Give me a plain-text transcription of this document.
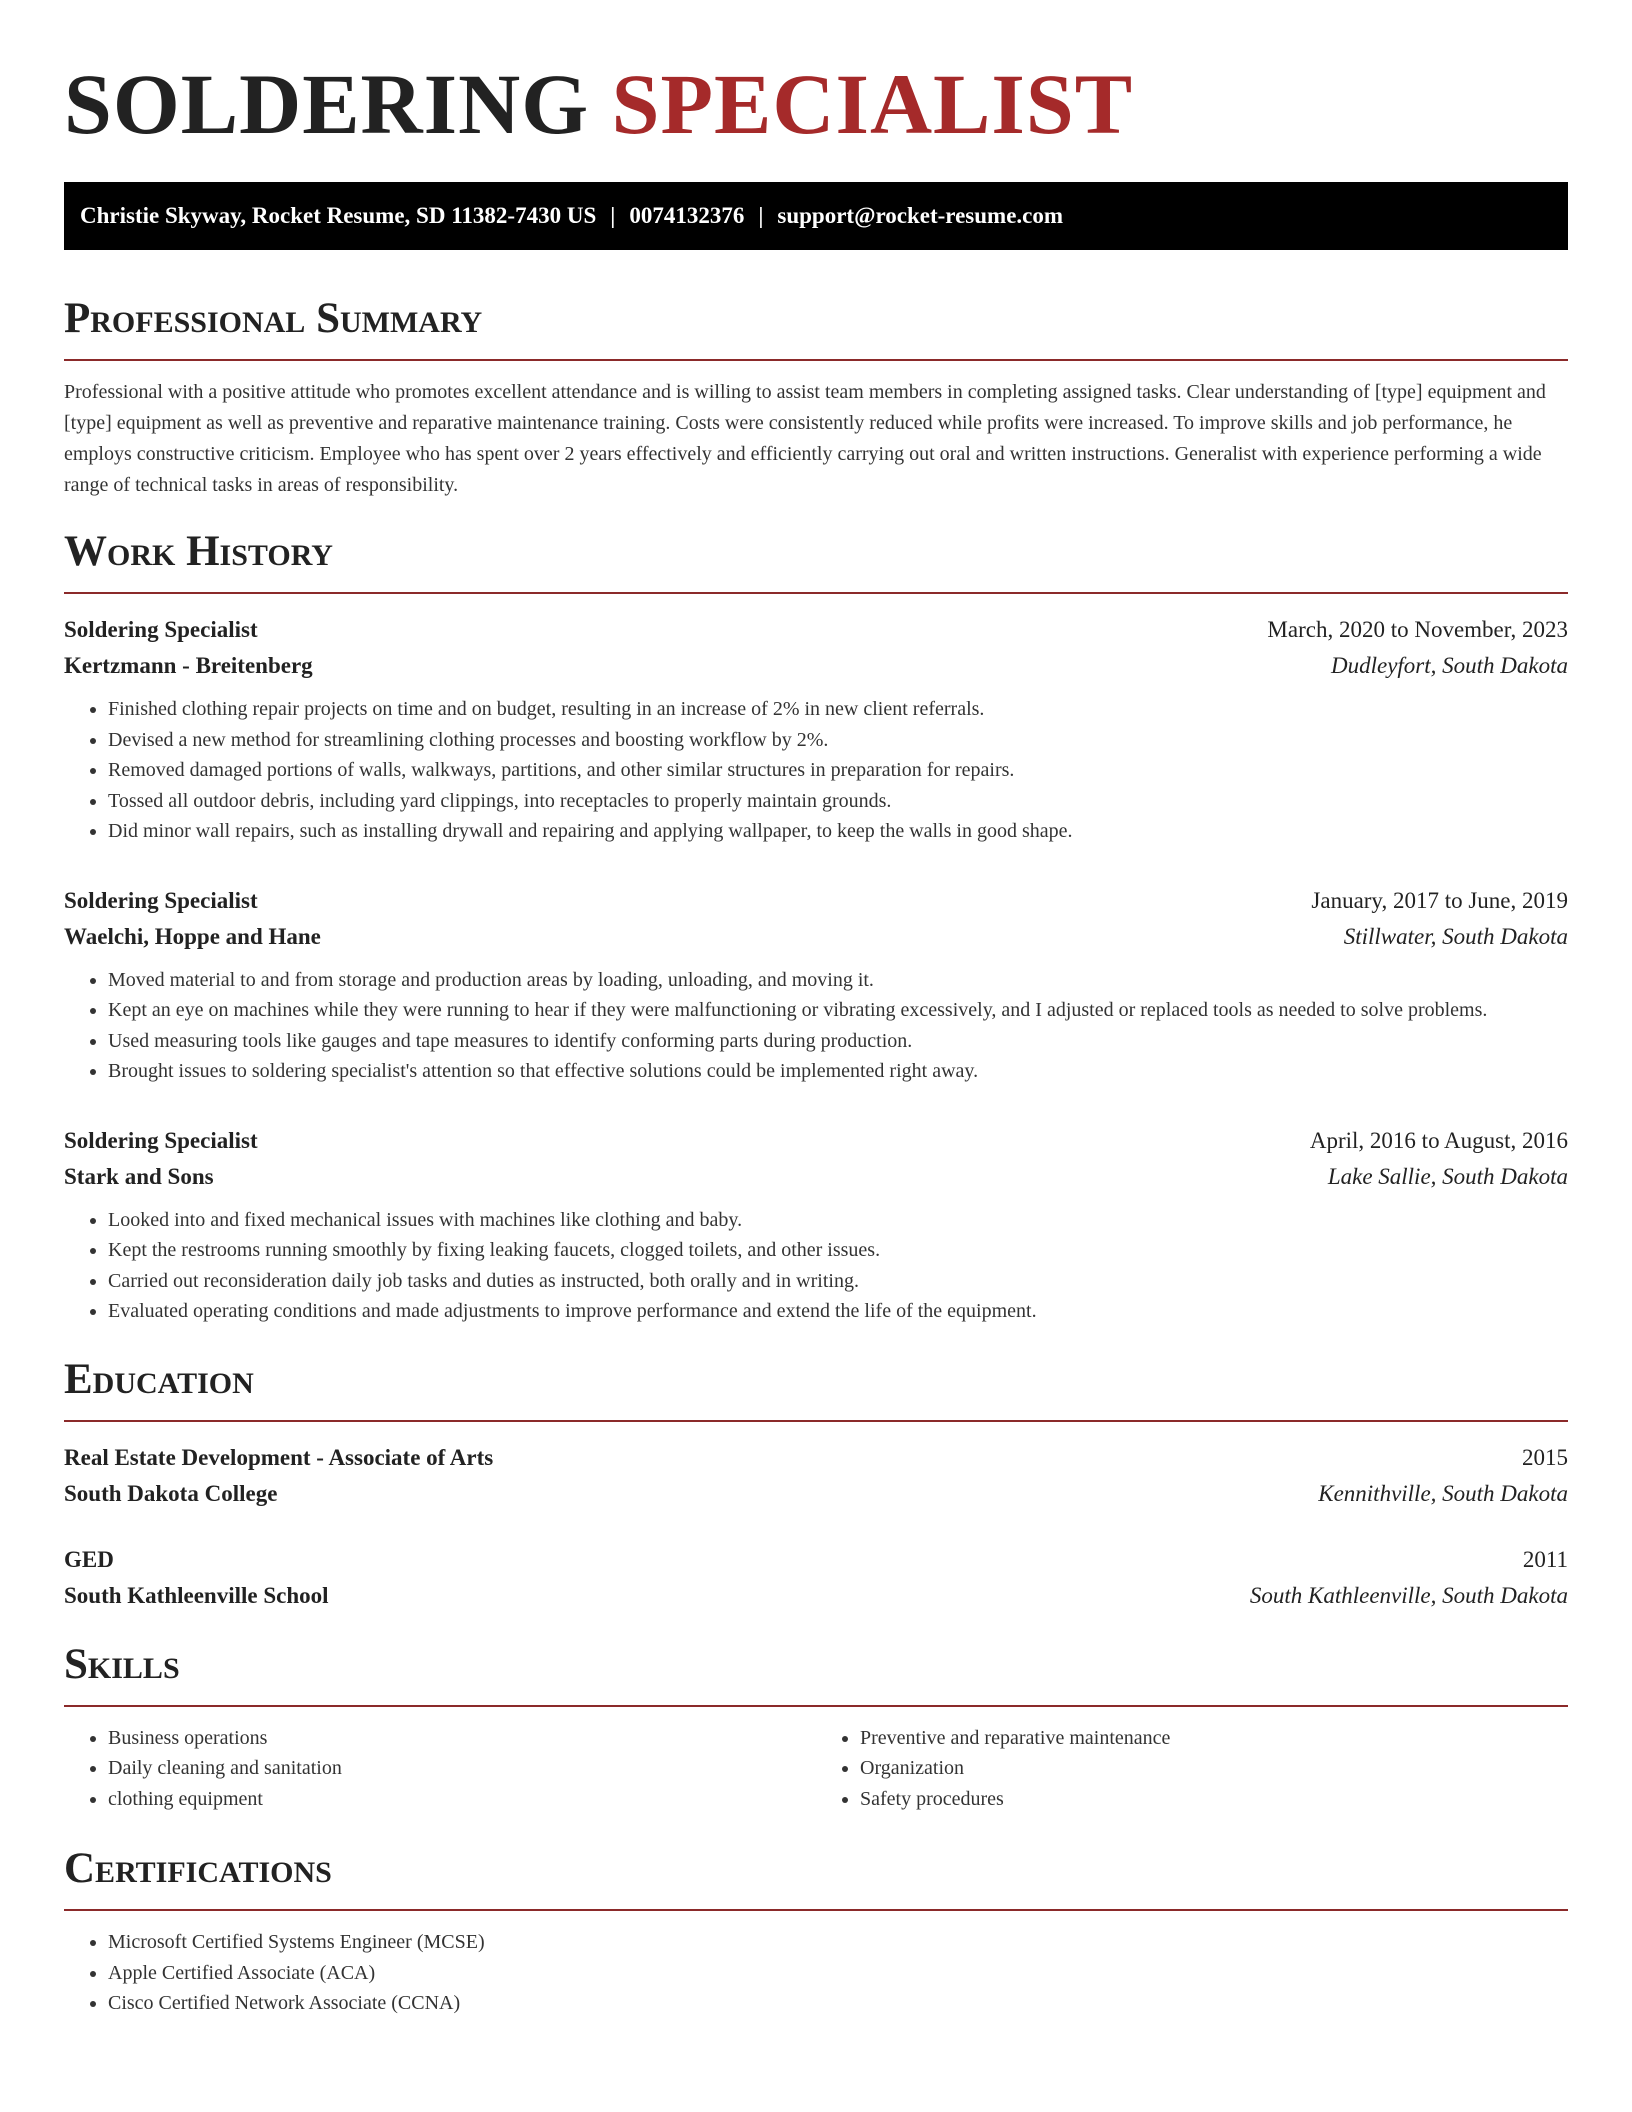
SOLDERING SPECIALIST
Christie Skyway, Rocket Resume, SD 11382-7430 US | 0074132376 | support@rocket-resume.com
Professional Summary

Professional with a positive attitude who promotes excellent attendance and is willing to assist team members in completing assigned tasks. Clear understanding of [type] equipment and [type] equipment as well as preventive and reparative maintenance training. Costs were consistently reduced while profits were increased. To improve skills and job performance, he employs constructive criticism. Employee who has spent over 2 years effectively and efficiently carrying out oral and written instructions. Generalist with experience performing a wide range of technical tasks in areas of responsibility.

Work History
Soldering Specialist	March, 2020 to November, 2023
Kertzmann - Breitenberg	Dudleyfort, South Dakota
• Finished clothing repair projects on time and on budget, resulting in an increase of 2% in new client referrals.
• Devised a new method for streamlining clothing processes and boosting workflow by 2%.
• Removed damaged portions of walls, walkways, partitions, and other similar structures in preparation for repairs.
• Tossed all outdoor debris, including yard clippings, into receptacles to properly maintain grounds.
• Did minor wall repairs, such as installing drywall and repairing and applying wallpaper, to keep the walls in good shape.
Soldering Specialist	January, 2017 to June, 2019
Waelchi, Hoppe and Hane	Stillwater, South Dakota
• Moved material to and from storage and production areas by loading, unloading, and moving it.
• Kept an eye on machines while they were running to hear if they were malfunctioning or vibrating excessively, and I adjusted or replaced tools as needed to solve problems.
• Used measuring tools like gauges and tape measures to identify conforming parts during production.
• Brought issues to soldering specialist's attention so that effective solutions could be implemented right away.
Soldering Specialist	April, 2016 to August, 2016
Stark and Sons	Lake Sallie, South Dakota
• Looked into and fixed mechanical issues with machines like clothing and baby.
• Kept the restrooms running smoothly by fixing leaking faucets, clogged toilets, and other issues.
• Carried out reconsideration daily job tasks and duties as instructed, both orally and in writing.
• Evaluated operating conditions and made adjustments to improve performance and extend the life of the equipment.
Education
Real Estate Development - Associate of Arts	2015
South Dakota College	Kennithville, South Dakota
GED	2011
South Kathleenville School	South Kathleenville, South Dakota
Skills
• Business operations
• Daily cleaning and sanitation
• clothing equipment
• Preventive and reparative maintenance
• Organization
• Safety procedures
Certifications
• Microsoft Certified Systems Engineer (MCSE)
• Apple Certified Associate (ACA)
• Cisco Certified Network Associate (CCNA)
